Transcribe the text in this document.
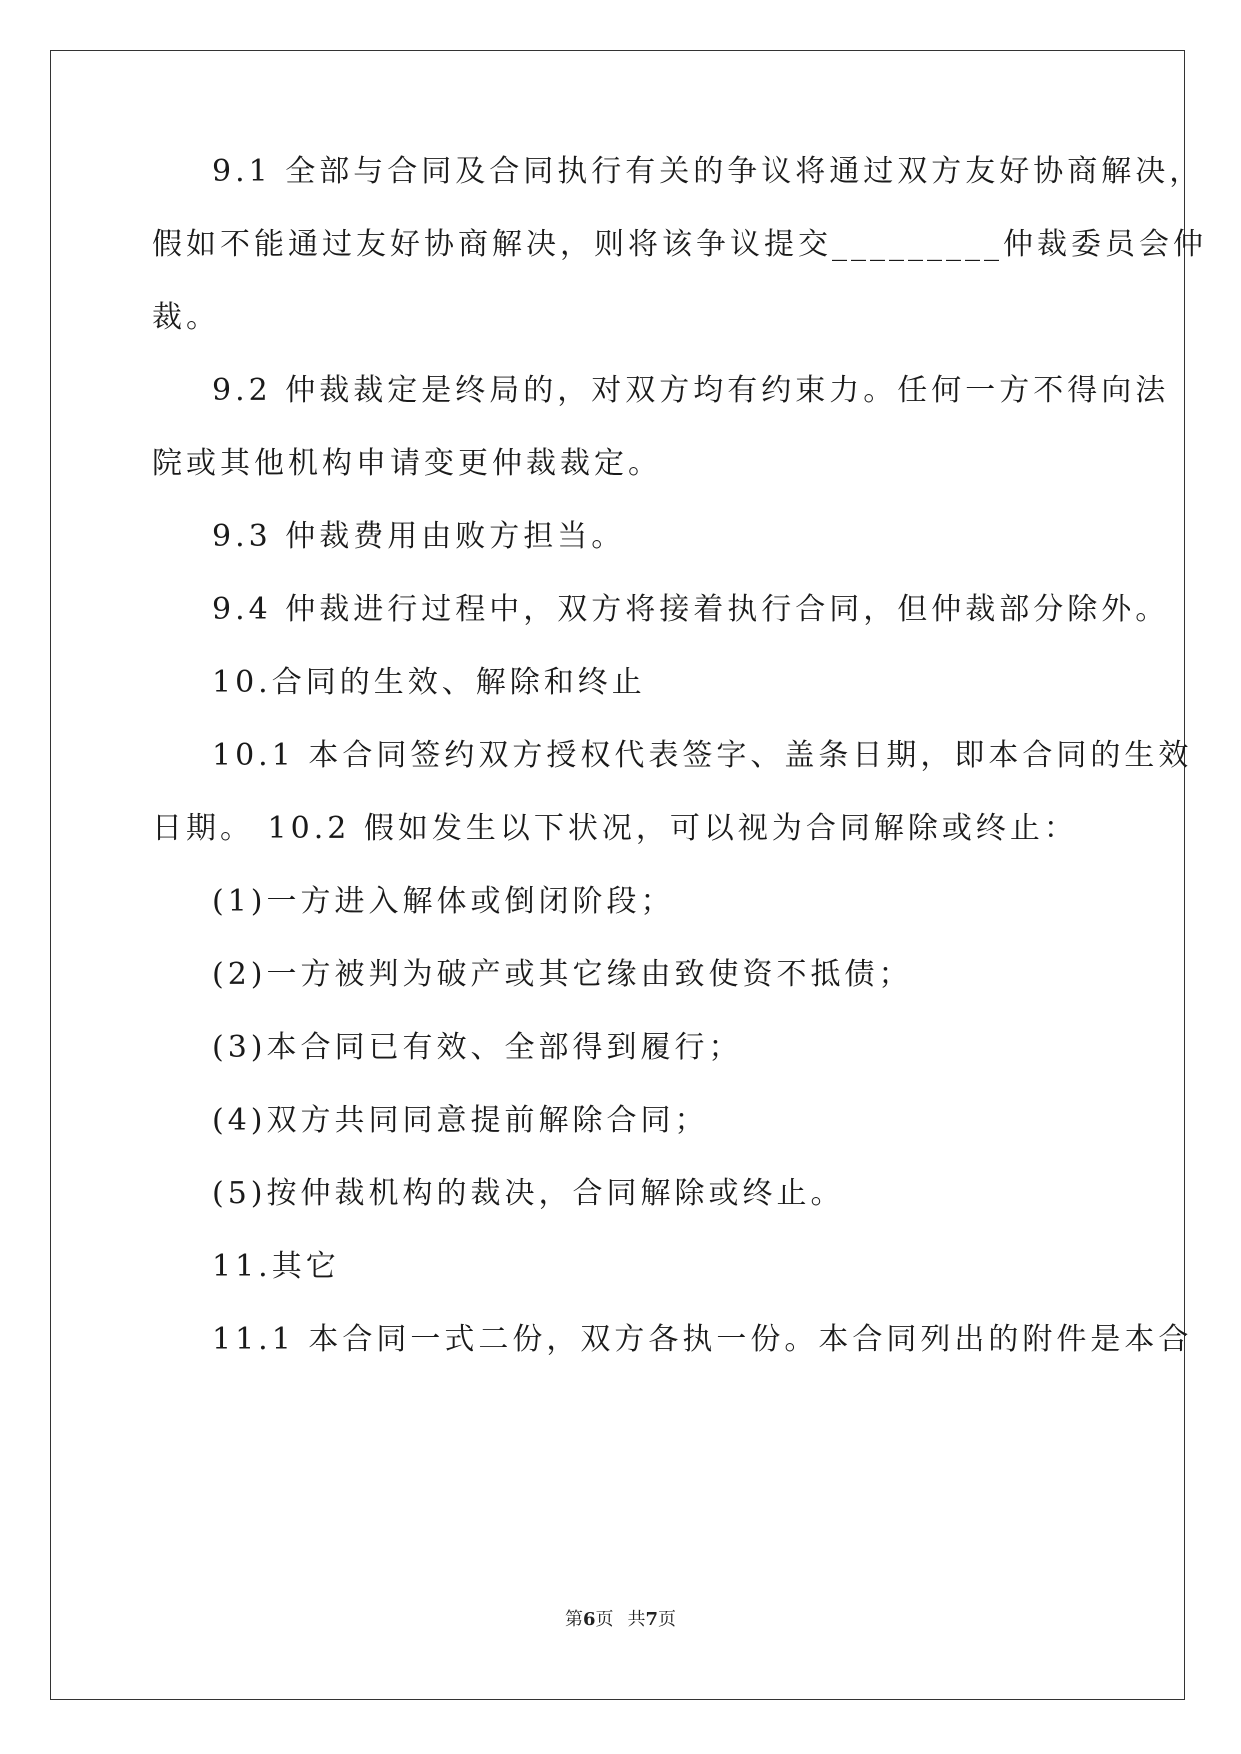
9.1 全部与合同及合同执行有关的争议将通过双方友好协商解决，
假如不能通过友好协商解决，则将该争议提交_________仲裁委员会仲
裁。
9.2 仲裁裁定是终局的，对双方均有约束力。任何一方不得向法
院或其他机构申请变更仲裁裁定。
9.3 仲裁费用由败方担当。
9.4 仲裁进行过程中，双方将接着执行合同，但仲裁部分除外。
10.合同的生效、解除和终止
10.1 本合同签约双方授权代表签字、盖条日期，即本合同的生效
日期。 10.2 假如发生以下状况，可以视为合同解除或终止：
(1)一方进入解体或倒闭阶段；
(2)一方被判为破产或其它缘由致使资不抵债；
(3)本合同已有效、全部得到履行；
(4)双方共同同意提前解除合同；
(5)按仲裁机构的裁决，合同解除或终止。
11.其它
11.1 本合同一式二份，双方各执一份。本合同列出的附件是本合
第6页 共7页
